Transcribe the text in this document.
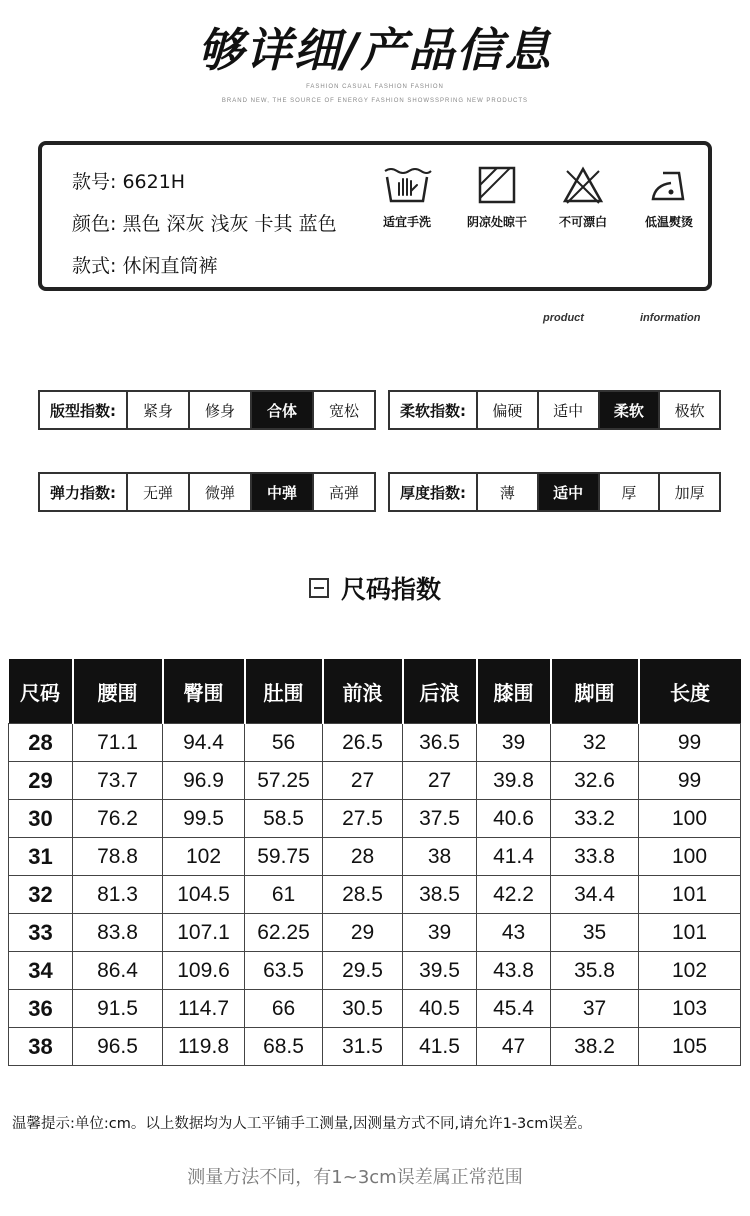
够详细/产品信息
FASHION CASUAL FASHION FASHION
BRAND NEW, THE SOURCE OF ENERGY FASHION SHOWSSPRING NEW PRODUCTS
款号: 6621H
颜色: 黑色 深灰 浅灰 卡其 蓝色
款式: 休闲直筒裤
适宜手洗	阴凉处晾干	不可漂白	低温熨烫
product	information
版型指数:	紧身	修身	合体	宽松	柔软指数:	偏硬	适中	柔软	极软
弹力指数:	无弹	微弹	中弹	高弹	厚度指数:	薄	适中	厚	加厚
尺码指数
尺码	腰围	臀围	肚围	前浪	后浪	膝围	脚围	长度
28	71.1	94.4	56	26.5	36.5	39	32	99
29	73.7	96.9	57.25	27	27	39.8	32.6	99
30	76.2	99.5	58.5	27.5	37.5	40.6	33.2	100
31	78.8	102	59.75	28	38	41.4	33.8	100
32	81.3	104.5	61	28.5	38.5	42.2	34.4	101
33	83.8	107.1	62.25	29	39	43	35	101
34	86.4	109.6	63.5	29.5	39.5	43.8	35.8	102
36	91.5	114.7	66	30.5	40.5	45.4	37	103
38	96.5	119.8	68.5	31.5	41.5	47	38.2	105
温馨提示:单位:cm。以上数据均为人工平铺手工测量,因测量方式不同,请允许1-3cm误差。
测量方法不同，有1~3cm误差属正常范围
